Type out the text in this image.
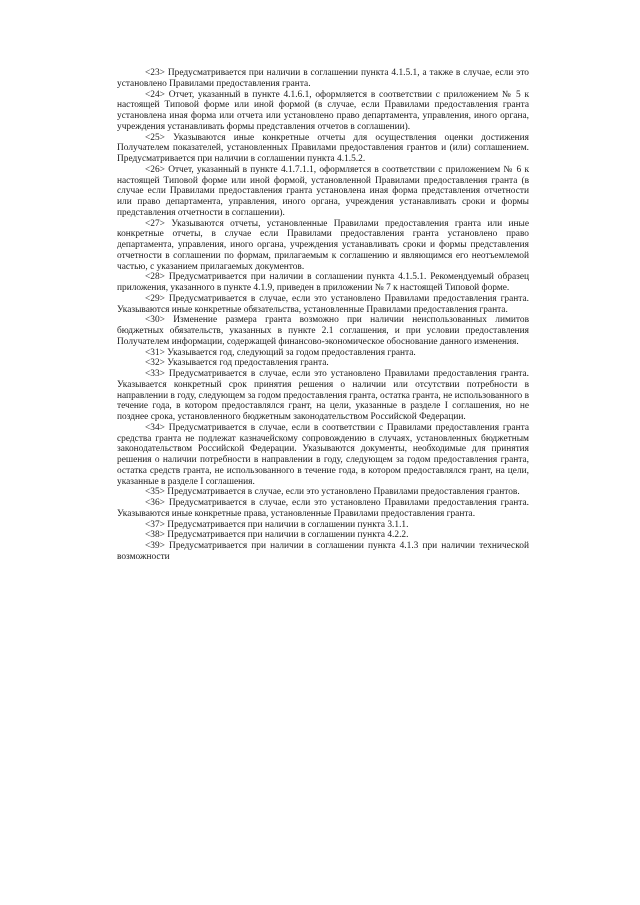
<23> Предусматривается при наличии в соглашении пункта 4.1.5.1, а также в случае, если это установлено Правилами предоставления гранта.

<24> Отчет, указанный в пункте 4.1.6.1, оформляется в соответствии с приложением № 5 к настоящей Типовой форме или иной формой (в случае, если Правилами предоставления гранта установлена иная форма или отчета или установлено право департамента, управления, иного органа, учреждения устанавливать формы представления отчетов в соглашении).

<25> Указываются иные конкретные отчеты для осуществления оценки достижения Получателем показателей, установленных Правилами предоставления грантов и (или) соглашением. Предусматривается при наличии в соглашении пункта 4.1.5.2.

<26> Отчет, указанный в пункте 4.1.7.1.1, оформляется в соответствии с приложением № 6 к настоящей Типовой форме или иной формой, установленной Правилами предоставления гранта (в случае если Правилами предоставления гранта установлена иная форма представления отчетности или право департамента, управления, иного органа, учреждения устанавливать сроки и формы представления отчетности в соглашении).

<27> Указываются отчеты, установленные Правилами предоставления гранта или иные конкретные отчеты, в случае если Правилами предоставления гранта установлено право департамента, управления, иного органа, учреждения устанавливать сроки и формы представления отчетности в соглашении по формам, прилагаемым к соглашению и являющимся его неотъемлемой частью, с указанием прилагаемых документов.

<28> Предусматривается при наличии в соглашении пункта 4.1.5.1. Рекомендуемый образец приложения, указанного в пункте 4.1.9, приведен в приложении № 7 к настоящей Типовой форме.

<29> Предусматривается в случае, если это установлено Правилами предоставления гранта. Указываются иные конкретные обязательства, установленные Правилами предоставления гранта.

<30> Изменение размера гранта возможно при наличии неиспользованных лимитов бюджетных обязательств, указанных в пункте 2.1 соглашения, и при условии предоставления Получателем информации, содержащей финансово-экономическое обоснование данного изменения.

<31> Указывается год, следующий за годом предоставления гранта.

<32> Указывается год предоставления гранта.

<33> Предусматривается в случае, если это установлено Правилами предоставления гранта. Указывается конкретный срок принятия решения о наличии или отсутствии потребности в направлении в году, следующем за годом предоставления гранта, остатка гранта, не использованного в течение года, в котором предоставлялся грант, на цели, указанные в разделе I соглашения, но не позднее срока, установленного бюджетным законодательством Российской Федерации.

<34> Предусматривается в случае, если в соответствии с Правилами предоставления гранта средства гранта не подлежат казначейскому сопровождению в случаях, установленных бюджетным законодательством Российской Федерации. Указываются документы, необходимые для принятия решения о наличии потребности в направлении в году, следующем за годом предоставления гранта, остатка средств гранта, не использованного в течение года, в котором предоставлялся грант, на цели, указанные в разделе I соглашения.

<35> Предусматривается в случае, если это установлено Правилами предоставления грантов.

<36> Предусматривается в случае, если это установлено Правилами предоставления гранта. Указываются иные конкретные права, установленные Правилами предоставления гранта.

<37> Предусматривается при наличии в соглашении пункта 3.1.1.

<38> Предусматривается при наличии в соглашении пункта 4.2.2.

<39> Предусматривается при наличии в соглашении пункта 4.1.3 при наличии технической возможности
